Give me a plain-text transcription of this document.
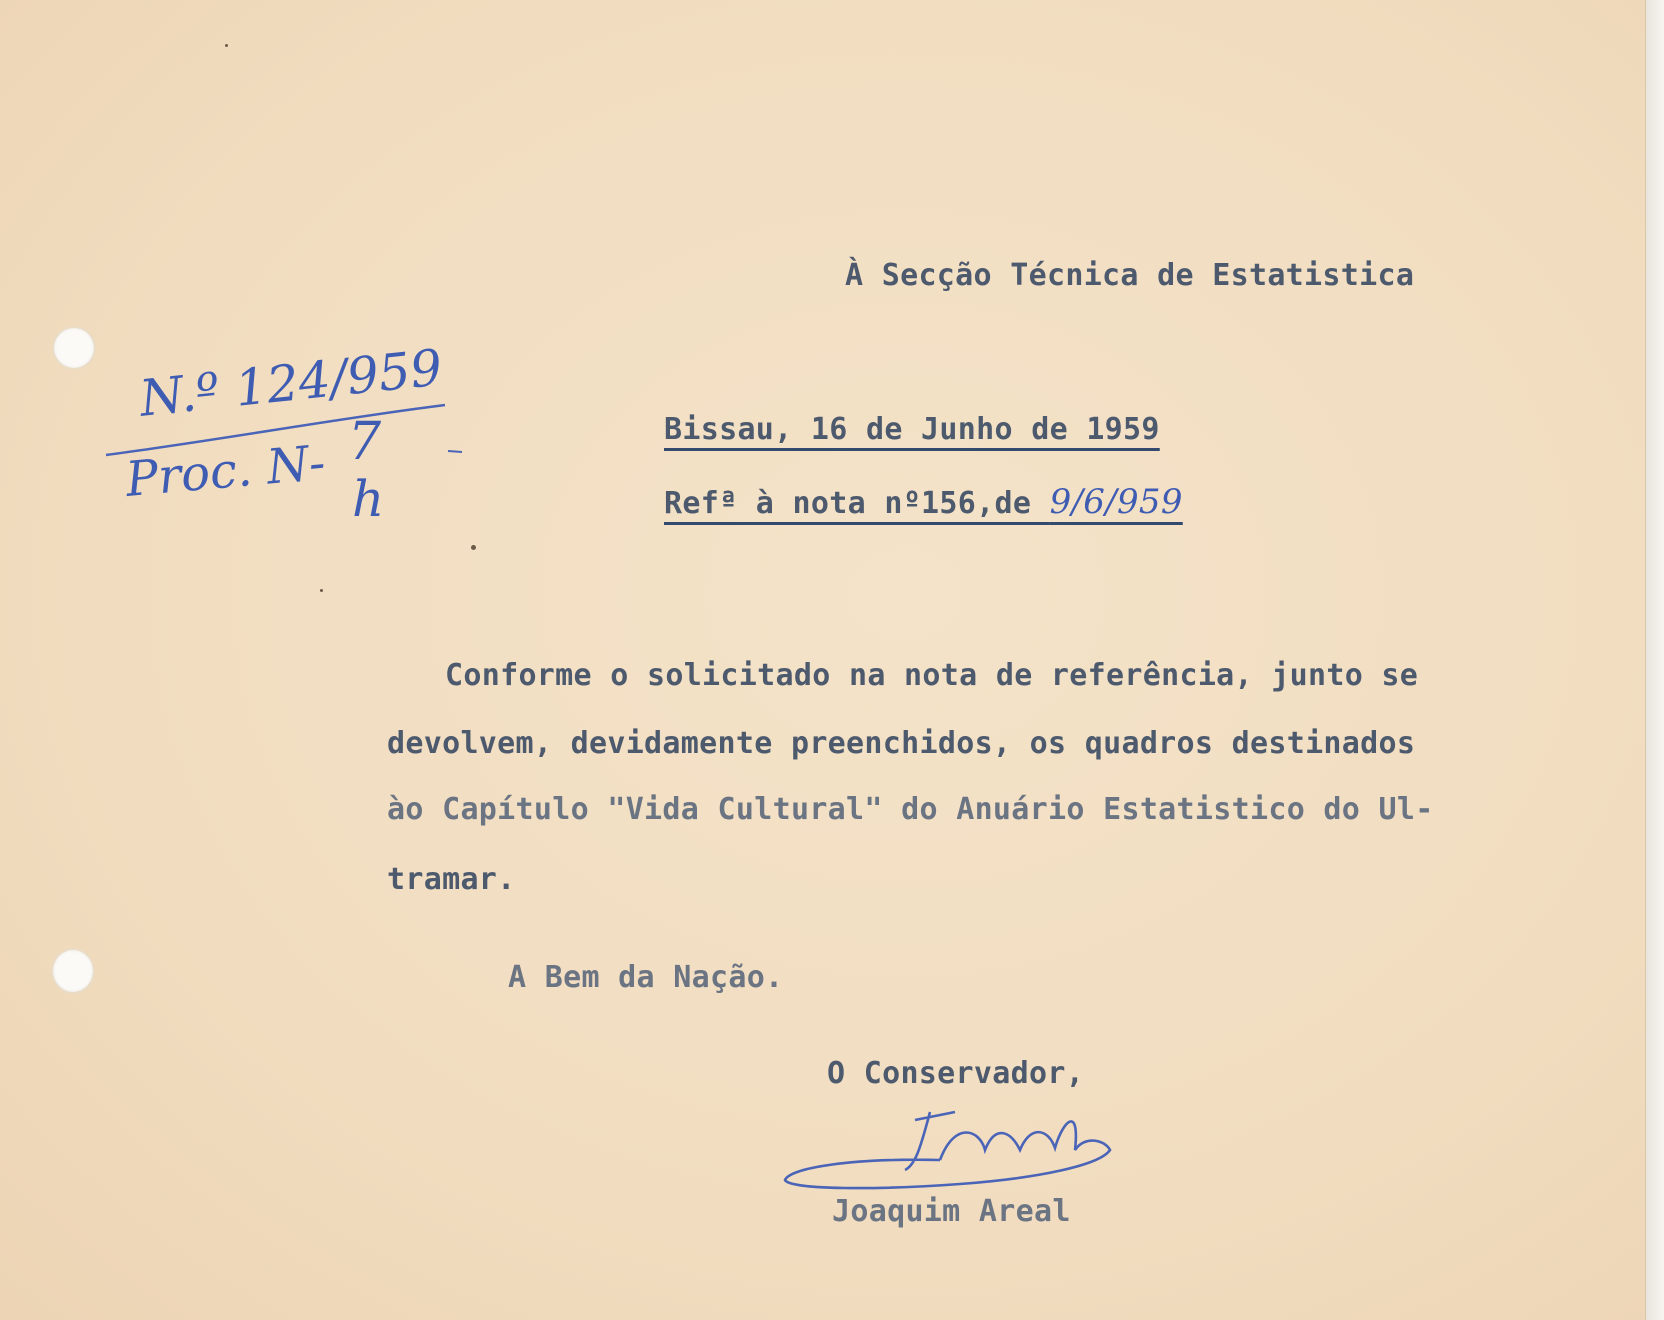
N.º 124/959
Proc. N- 7
h
À Secção Técnica de Estatistica
Bissau, 16 de Junho de 1959
Refª à nota nº156,de 9/6/959
Conforme o solicitado na nota de referência, junto se
devolvem, devidamente preenchidos, os quadros destinados
ào Capítulo "Vida Cultural" do Anuário Estatistico do Ul-
tramar.
A Bem da Nação.
O Conservador,
Joaquim Areal
